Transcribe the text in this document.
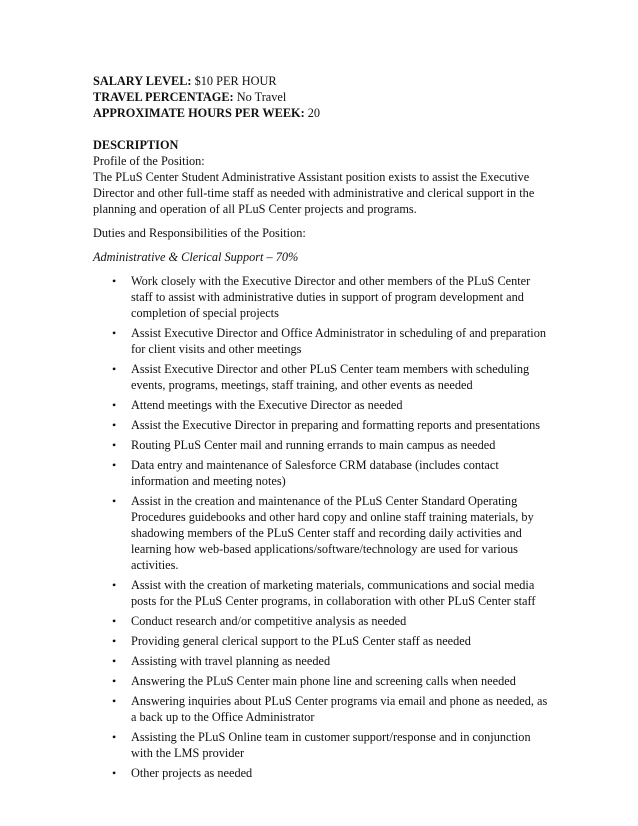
SALARY LEVEL: $10 PER HOUR
TRAVEL PERCENTAGE: No Travel
APPROXIMATE HOURS PER WEEK: 20
DESCRIPTION
Profile of the Position:
The PLuS Center Student Administrative Assistant position exists to assist the Executive Director and other full-time staff as needed with administrative and clerical support in the planning and operation of all PLuS Center projects and programs.
Duties and Responsibilities of the Position:
Administrative & Clerical Support – 70%
• Work closely with the Executive Director and other members of the PLuS Center staff to assist with administrative duties in support of program development and completion of special projects
• Assist Executive Director and Office Administrator in scheduling of and preparation for client visits and other meetings
• Assist Executive Director and other PLuS Center team members with scheduling events, programs, meetings, staff training, and other events as needed
• Attend meetings with the Executive Director as needed
• Assist the Executive Director in preparing and formatting reports and presentations
• Routing PLuS Center mail and running errands to main campus as needed
• Data entry and maintenance of Salesforce CRM database (includes contact information and meeting notes)
• Assist in the creation and maintenance of the PLuS Center Standard Operating Procedures guidebooks and other hard copy and online staff training materials, by shadowing members of the PLuS Center staff and recording daily activities and learning how web-based applications/software/technology are used for various activities.
• Assist with the creation of marketing materials, communications and social media posts for the PLuS Center programs, in collaboration with other PLuS Center staff
• Conduct research and/or competitive analysis as needed
• Providing general clerical support to the PLuS Center staff as needed
• Assisting with travel planning as needed
• Answering the PLuS Center main phone line and screening calls when needed
• Answering inquiries about PLuS Center programs via email and phone as needed, as a back up to the Office Administrator
• Assisting the PLuS Online team in customer support/response and in conjunction with the LMS provider
• Other projects as needed
